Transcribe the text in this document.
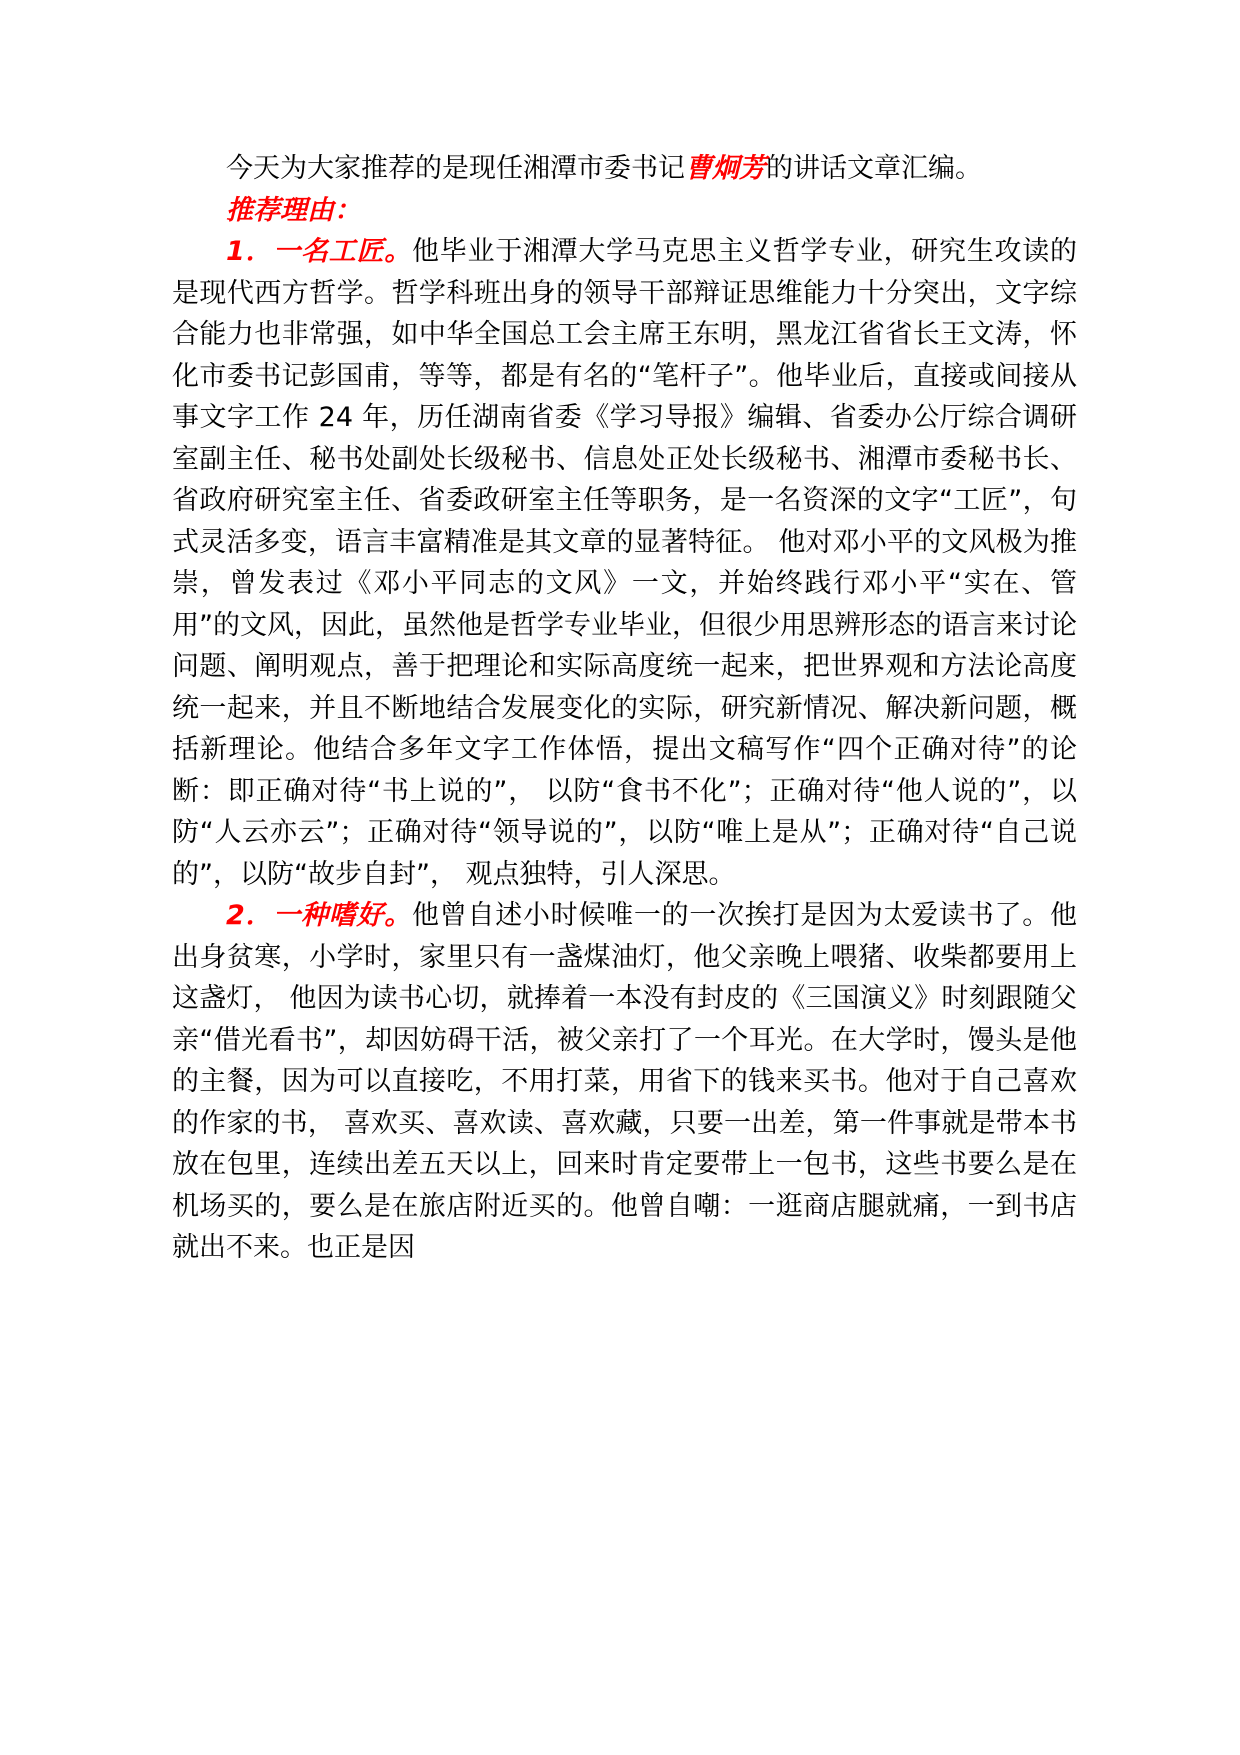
今天为大家推荐的是现任湘潭市委书记曹炯芳的讲话文章汇编。

推荐理由：

1．一名工匠。他毕业于湘潭大学马克思主义哲学专业，研究生攻读的是现代西方哲学。哲学科班出身的领导干部辩证思维能力十分突出，文字综合能力也非常强，如中华全国总工会主席王东明，黑龙江省省长王文涛，怀化市委书记彭国甫，等等，都是有名的“笔杆子”。他毕业后，直接或间接从事文字工作 24 年，历任湖南省委《学习导报》编辑、省委办公厅综合调研室副主任、秘书处副处长级秘书、信息处正处长级秘书、湘潭市委秘书长、省政府研究室主任、省委政研室主任等职务，是一名资深的文字“工匠”，句式灵活多变，语言丰富精准是其文章的显著特征。 他对邓小平的文风极为推崇，曾发表过《邓小平同志的文风》一文，并始终践行邓小平“实在、管用”的文风，因此，虽然他是哲学专业毕业，但很少用思辨形态的语言来讨论问题、阐明观点，善于把理论和实际高度统一起来，把世界观和方法论高度统一起来，并且不断地结合发展变化的实际，研究新情况、解决新问题，概括新理论。他结合多年文字工作体悟，提出文稿写作“四个正确对待”的论断：即正确对待“书上说的”， 以防“食书不化”；正确对待“他人说的”，以防“人云亦云”；正确对待“领导说的”，以防“唯上是从”；正确对待“自己说的”，以防“故步自封”， 观点独特，引人深思。

2．一种嗜好。他曾自述小时候唯一的一次挨打是因为太爱读书了。他出身贫寒，小学时，家里只有一盏煤油灯，他父亲晚上喂猪、收柴都要用上这盏灯， 他因为读书心切，就捧着一本没有封皮的《三国演义》时刻跟随父亲“借光看书”，却因妨碍干活，被父亲打了一个耳光。在大学时，馒头是他的主餐，因为可以直接吃，不用打菜，用省下的钱来买书。他对于自己喜欢的作家的书， 喜欢买、喜欢读、喜欢藏，只要一出差，第一件事就是带本书放在包里，连续出差五天以上，回来时肯定要带上一包书，这些书要么是在机场买的，要么是在旅店附近买的。他曾自嘲：一逛商店腿就痛，一到书店就出不来。也正是因
